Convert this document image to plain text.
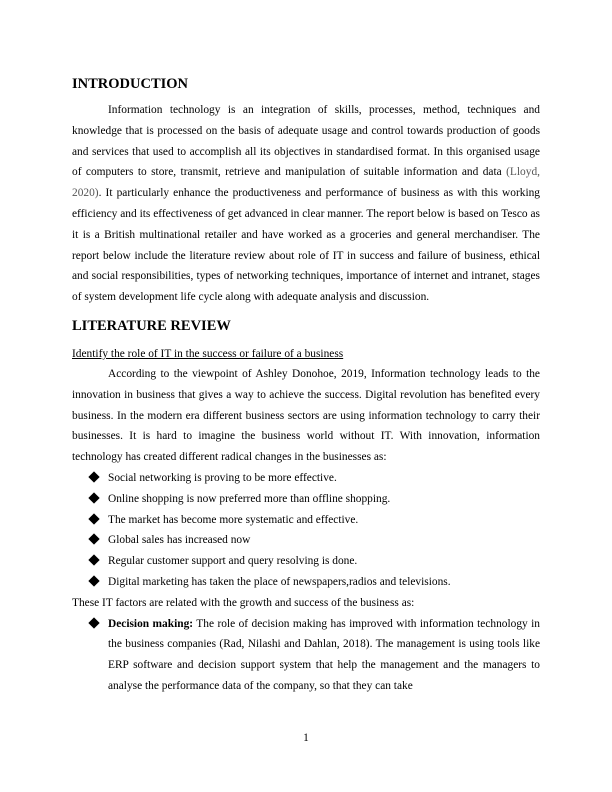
INTRODUCTION

Information technology is an integration of skills, processes, method, techniques and knowledge that is processed on the basis of adequate usage and control towards production of goods and services that used to accomplish all its objectives in standardised format. In this organised usage of computers to store, transmit, retrieve and manipulation of suitable information and data (Lloyd, 2020). It particularly enhance the productiveness and performance of business as with this working efficiency and its effectiveness of get advanced in clear manner. The report below is based on Tesco as it is a British multinational retailer and have worked as a groceries and general merchandiser. The report below include the literature review about role of IT in success and failure of business, ethical and social responsibilities, types of networking techniques, importance of internet and intranet, stages of system development life cycle along with adequate analysis and discussion.

LITERATURE REVIEW
Identify the role of IT in the success or failure of a business

According to the viewpoint of Ashley Donohoe, 2019, Information technology leads to the innovation in business that gives a way to achieve the success. Digital revolution has benefited every business. In the modern era different business sectors are using information technology to carry their businesses. It is hard to imagine the business world without IT. With innovation, information technology has created different radical changes in the businesses as:

Social networking is proving to be more effective.
Online shopping is now preferred more than offline shopping.
The market has become more systematic and effective.
Global sales has increased now
Regular customer support and query resolving is done.
Digital marketing has taken the place of newspapers,radios and televisions.

These IT factors are related with the growth and success of the business as:

Decision making: The role of decision making has improved with information technology in the business companies (Rad, Nilashi and Dahlan, 2018). The management is using tools like ERP software and decision support system that help the management and the managers to analyse the performance data of the company, so that they can take
1
